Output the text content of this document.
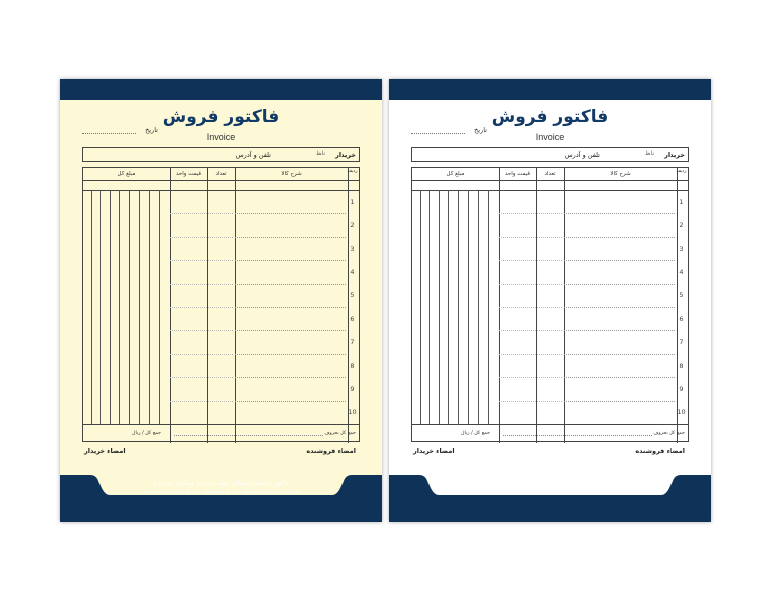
فاکتور فروش
Invoice
تاریخ
خریدار
ناظ
تلفن و آدرس
ردیف
شرح کالا
تعداد
قیمت واحد
مبلغ کل
1
2
3
4
5
6
7
8
9
10
جمع کل بحروف
جمع کل / ریال
امضاء فروشنده
امضاء خریدار
فاکتور با امضاء جنابعالی قطعی شده و هیچگونه کسری و
مرجوعی پذیرفته نخواهد شد و مبلغ فوق بر ذمه خریدار می باشد.
فاکتور فروش
Invoice
تاریخ
خریدار
ناظ
تلفن و آدرس
ردیف
شرح کالا
تعداد
قیمت واحد
مبلغ کل
1
2
3
4
5
6
7
8
9
10
جمع کل بحروف
جمع کل / ریال
امضاء فروشنده
امضاء خریدار
فاکتور با امضاء جنابعالی قطعی شده و هیچگونه کسری و
مرجوعی پذیرفته نخواهد شد و مبلغ فوق بر ذمه خریدار می باشد.
